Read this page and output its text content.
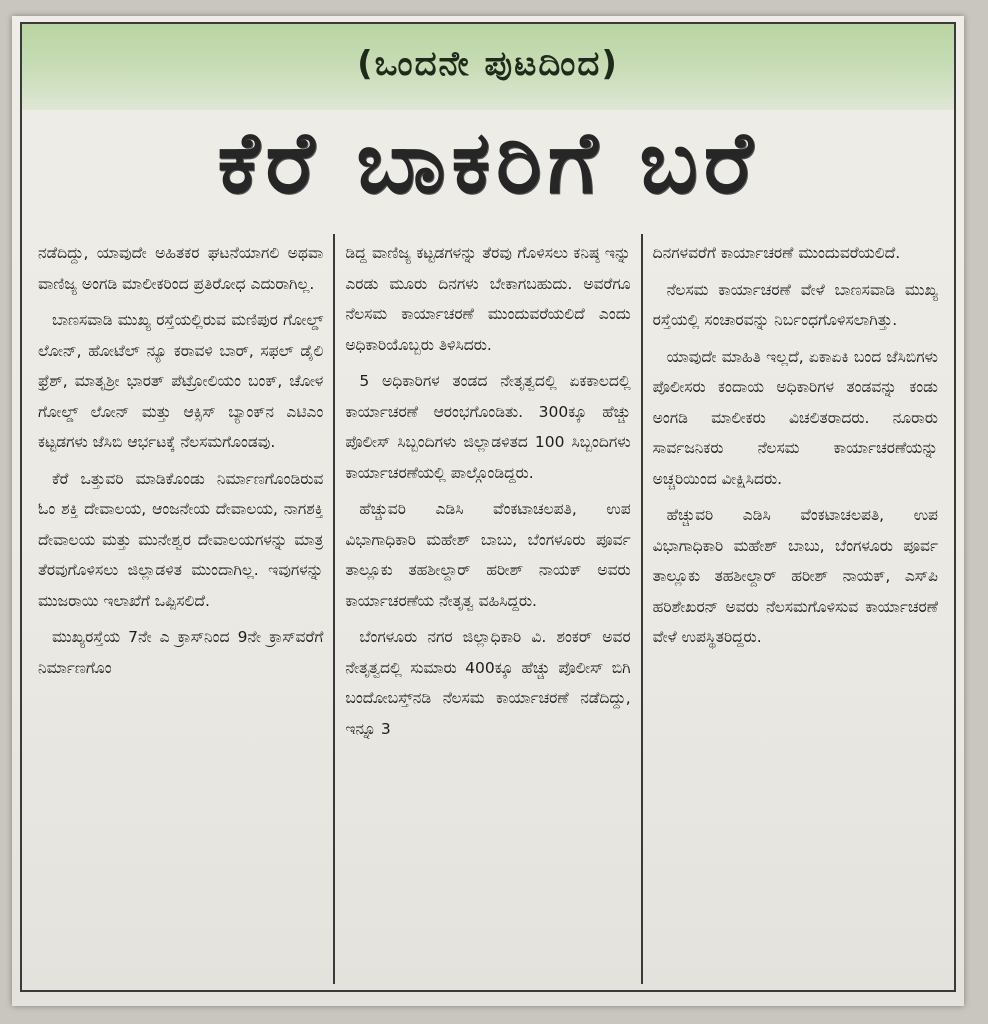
(ಒಂದನೇ ಪುಟದಿಂದ)
ಕೆರೆ ಬಾಕರಿಗೆ ಬರೆ

ನಡೆದಿದ್ದು, ಯಾವುದೇ ಅಹಿತಕರ ಘಟನೆಯಾಗಲಿ ಅಥವಾ ವಾಣಿಜ್ಯ ಅಂಗಡಿ ಮಾಲೀಕರಿಂದ ಪ್ರತಿರೋಧ ಎದುರಾಗಿಲ್ಲ.

ಬಾಣಸವಾಡಿ ಮುಖ್ಯ ರಸ್ತೆಯಲ್ಲಿರುವ ಮಣಿಪುರ ಗೋಲ್ಡ್ ಲೋನ್, ಹೋಟೆಲ್ ನ್ಯೂ ಕರಾವಳಿ ಬಾರ್, ಸಫಲ್ ಡೈಲಿ ಫ್ರೆಶ್, ಮಾತೃಶ್ರೀ ಭಾರತ್ ಪೆಟ್ರೋಲಿಯಂ ಬಂಕ್, ಚೋಳ ಗೋಲ್ಡ್ ಲೋನ್ ಮತ್ತು ಆಕ್ಸಿಸ್ ಬ್ಯಾಂಕ್‌ನ ಎಟಿಎಂ ಕಟ್ಟಡಗಳು ಜೆಸಿಬಿ ಆರ್ಭಟಕ್ಕೆ ನೆಲಸಮಗೊಂಡವು.

ಕೆರೆ ಒತ್ತುವರಿ ಮಾಡಿಕೊಂಡು ನಿರ್ಮಾಣಗೊಂಡಿರುವ ಓಂ ಶಕ್ತಿ ದೇವಾಲಯ, ಆಂಜನೇಯ ದೇವಾಲಯ, ನಾಗಶಕ್ತಿ ದೇವಾಲಯ ಮತ್ತು ಮುನೇಶ್ವರ ದೇವಾಲಯಗಳನ್ನು ಮಾತ್ರ ತೆರವುಗೊಳಿಸಲು ಜಿಲ್ಲಾಡಳಿತ ಮುಂದಾಗಿಲ್ಲ. ಇವುಗಳನ್ನು ಮುಜರಾಯಿ ಇಲಾಖೆಗೆ ಒಪ್ಪಿಸಲಿದೆ.

ಮುಖ್ಯರಸ್ತೆಯ 7ನೇ ಎ ಕ್ರಾಸ್‌ನಿಂದ 9ನೇ ಕ್ರಾಸ್‌ವರೆಗೆ ನಿರ್ಮಾಣಗೊಂ

ಡಿದ್ದ ವಾಣಿಜ್ಯ ಕಟ್ಟಡಗಳನ್ನು ತೆರವು ಗೊಳಿಸಲು ಕನಿಷ್ಠ ಇನ್ನು ಎರಡು ಮೂರು ದಿನಗಳು ಬೇಕಾಗಬಹುದು. ಅವರೆಗೂ ನೆಲಸಮ ಕಾರ್ಯಾಚರಣೆ ಮುಂದುವರೆಯಲಿದೆ ಎಂದು ಅಧಿಕಾರಿಯೊಬ್ಬರು ತಿಳಿಸಿದರು.

5 ಅಧಿಕಾರಿಗಳ ತಂಡದ ನೇತೃತ್ವದಲ್ಲಿ ಏಕಕಾಲದಲ್ಲಿ ಕಾರ್ಯಾಚರಣೆ ಆರಂಭಗೊಂಡಿತು. 300ಕ್ಕೂ ಹೆಚ್ಚು ಪೊಲೀಸ್ ಸಿಬ್ಬಂದಿಗಳು ಜಿಲ್ಲಾಡಳಿತದ 100 ಸಿಬ್ಬಂದಿಗಳು ಕಾರ್ಯಾಚರಣೆಯಲ್ಲಿ ಪಾಲ್ಗೊಂಡಿದ್ದರು.

ಹೆಚ್ಚುವರಿ ಎಡಿಸಿ ವೆಂಕಟಾಚಲಪತಿ, ಉಪ ವಿಭಾಗಾಧಿಕಾರಿ ಮಹೇಶ್ ಬಾಬು, ಬೆಂಗಳೂರು ಪೂರ್ವ ತಾಲ್ಲೂಕು ತಹಶೀಲ್ದಾರ್ ಹರೀಶ್ ನಾಯಕ್ ಅವರು ಕಾರ್ಯಾಚರಣೆಯ ನೇತೃತ್ವ ವಹಿಸಿದ್ದರು.

ಬೆಂಗಳೂರು ನಗರ ಜಿಲ್ಲಾಧಿಕಾರಿ ವಿ. ಶಂಕರ್ ಅವರ ನೇತೃತ್ವದಲ್ಲಿ ಸುಮಾರು 400ಕ್ಕೂ ಹೆಚ್ಚು ಪೊಲೀಸ್ ಬಿಗಿ ಬಂದೋಬಸ್ತ್‌ನಡಿ ನೆಲಸಮ ಕಾರ್ಯಾಚರಣೆ ನಡೆದಿದ್ದು, ಇನ್ನೂ 3

ದಿನಗಳವರೆಗೆ ಕಾರ್ಯಾಚರಣೆ ಮುಂದುವರೆಯಲಿದೆ.

ನೆಲಸಮ ಕಾರ್ಯಾಚರಣೆ ವೇಳೆ ಬಾಣಸವಾಡಿ ಮುಖ್ಯ ರಸ್ತೆಯಲ್ಲಿ ಸಂಚಾರವನ್ನು ನಿರ್ಬಂಧಗೊಳಿಸಲಾಗಿತ್ತು.

ಯಾವುದೇ ಮಾಹಿತಿ ಇಲ್ಲದೆ, ಏಕಾಏಕಿ ಬಂದ ಜೆಸಿಬಿಗಳು ಪೊಲೀಸರು ಕಂದಾಯ ಅಧಿಕಾರಿಗಳ ತಂಡವನ್ನು ಕಂಡು ಅಂಗಡಿ ಮಾಲೀಕರು ವಿಚಲಿತರಾದರು. ನೂರಾರು ಸಾರ್ವಜನಿಕರು ನೆಲಸಮ ಕಾರ್ಯಾಚರಣೆಯನ್ನು ಅಚ್ಚರಿಯಿಂದ ವೀಕ್ಷಿಸಿದರು.

ಹೆಚ್ಚುವರಿ ಎಡಿಸಿ ವೆಂಕಟಾಚಲಪತಿ, ಉಪ ವಿಭಾಗಾಧಿಕಾರಿ ಮಹೇಶ್ ಬಾಬು, ಬೆಂಗಳೂರು ಪೂರ್ವ ತಾಲ್ಲೂಕು ತಹಶೀಲ್ದಾರ್ ಹರೀಶ್ ನಾಯಕ್, ಎಸ್‌ಪಿ ಹರಿಶೇಖರನ್ ಅವರು ನೆಲಸಮಗೊಳಿಸುವ ಕಾರ್ಯಾಚರಣೆ ವೇಳೆ ಉಪಸ್ಥಿತರಿದ್ದರು.
